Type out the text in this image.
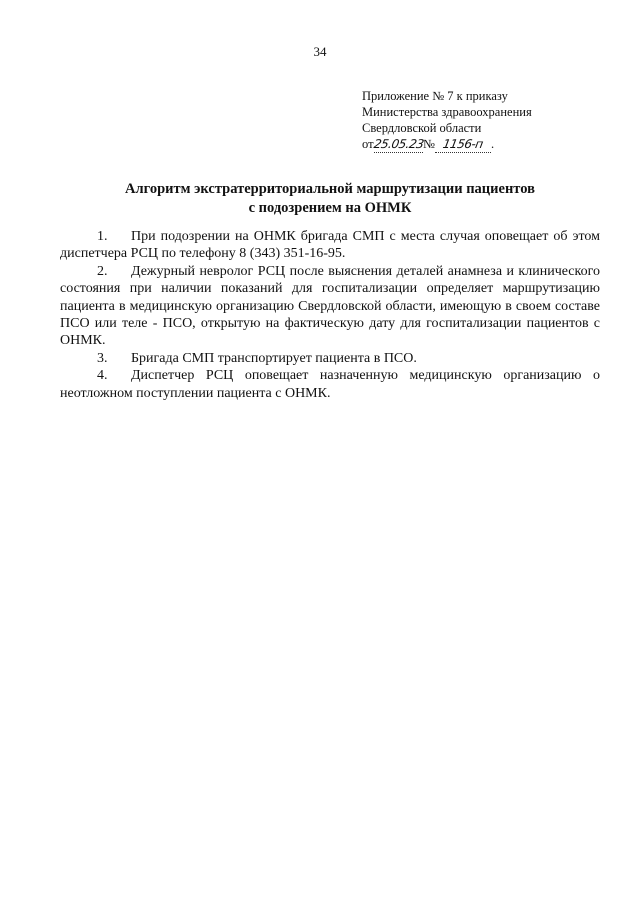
34
Приложение № 7 к приказу
Министерства здравоохранения
Свердловской области
от25.05.23№ 1156-п .
Алгоритм экстратерриториальной маршрутизации пациентов
с подозрением на ОНМК

1. При подозрении на ОНМК бригада СМП с места случая оповещает об этом диспетчера РСЦ по телефону 8 (343) 351-16-95.

2. Дежурный невролог РСЦ после выяснения деталей анамнеза и клинического состояния при наличии показаний для госпитализации определяет маршрутизацию пациента в медицинскую организацию Свердловской области, имеющую в своем составе ПСО или теле - ПСО, открытую на фактическую дату для госпитализации пациентов с ОНМК.

3. Бригада СМП транспортирует пациента в ПСО.

4. Диспетчер РСЦ оповещает назначенную медицинскую организацию о неотложном поступлении пациента с ОНМК.
